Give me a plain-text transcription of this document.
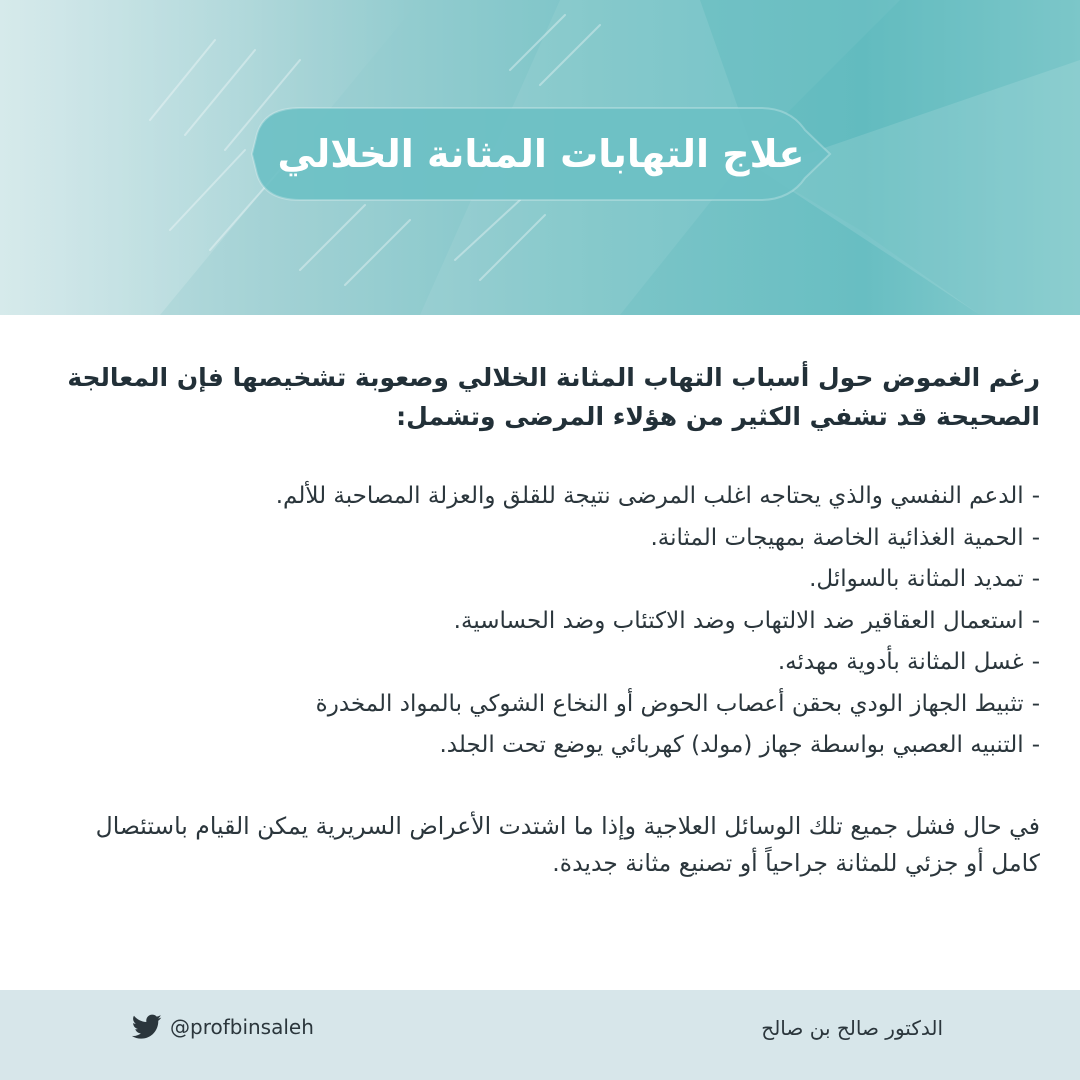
علاج التهابات المثانة الخلالي

رغم الغموض حول أسباب التهاب المثانة الخلالي وصعوبة تشخيصها فإن المعالجة الصحيحة قد تشفي الكثير من هؤلاء المرضى وتشمل:

-الدعم النفسي والذي يحتاجه اغلب المرضى نتيجة للقلق والعزلة المصاحبة للألم.
-الحمية الغذائية الخاصة بمهيجات المثانة.
-تمديد المثانة بالسوائل.
-استعمال العقاقير ضد الالتهاب وضد الاكتئاب وضد الحساسية.
-غسل المثانة بأدوية مهدئه.
-تثبيط الجهاز الودي بحقن أعصاب الحوض أو النخاع الشوكي بالمواد المخدرة
-التنبيه العصبي بواسطة جهاز (مولد) كهربائي يوضع تحت الجلد.

في حال فشل جميع تلك الوسائل العلاجية وإذا ما اشتدت الأعراض السريرية يمكن القيام باستئصال كامل أو جزئي للمثانة جراحياً أو تصنيع مثانة جديدة.

الدكتور صالح بن صالح
@profbinsaleh
